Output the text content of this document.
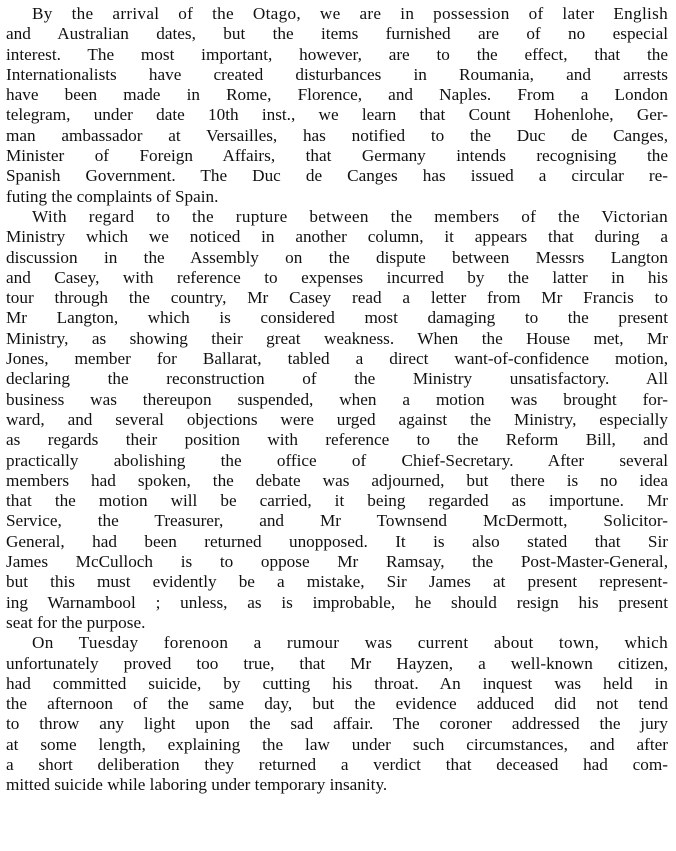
By the arrival of the Otago, we are in possession of later English
and Australian dates, but the items furnished are of no especial
interest. The most important, however, are to the effect, that the
Internationalists have created disturbances in Roumania, and arrests
have been made in Rome, Florence, and Naples. From a London
telegram, under date 10th inst., we learn that Count Hohenlohe, Ger-
man ambassador at Versailles, has notified to the Duc de Canges,
Minister of Foreign Affairs, that Germany intends recognising the
Spanish Government. The Duc de Canges has issued a circular re-
futing the complaints of Spain.
With regard to the rupture between the members of the Victorian
Ministry which we noticed in another column, it appears that during a
discussion in the Assembly on the dispute between Messrs Langton
and Casey, with reference to expenses incurred by the latter in his
tour through the country, Mr Casey read a letter from Mr Francis to
Mr Langton, which is considered most damaging to the present
Ministry, as showing their great weakness. When the House met, Mr
Jones, member for Ballarat, tabled a direct want-of-confidence motion,
declaring the reconstruction of the Ministry unsatisfactory. All
business was thereupon suspended, when a motion was brought for-
ward, and several objections were urged against the Ministry, especially
as regards their position with reference to the Reform Bill, and
practically abolishing the office of Chief-Secretary. After several
members had spoken, the debate was adjourned, but there is no idea
that the motion will be carried, it being regarded as importune. Mr
Service, the Treasurer, and Mr Townsend McDermott, Solicitor-
General, had been returned unopposed. It is also stated that Sir
James McCulloch is to oppose Mr Ramsay, the Post-Master-General,
but this must evidently be a mistake, Sir James at present represent-
ing Warnambool ; unless, as is improbable, he should resign his present
seat for the purpose.
On Tuesday forenoon a rumour was current about town, which
unfortunately proved too true, that Mr Hayzen, a well-known citizen,
had committed suicide, by cutting his throat. An inquest was held in
the afternoon of the same day, but the evidence adduced did not tend
to throw any light upon the sad affair. The coroner addressed the jury
at some length, explaining the law under such circumstances, and after
a short deliberation they returned a verdict that deceased had com-
mitted suicide while laboring under temporary insanity.
